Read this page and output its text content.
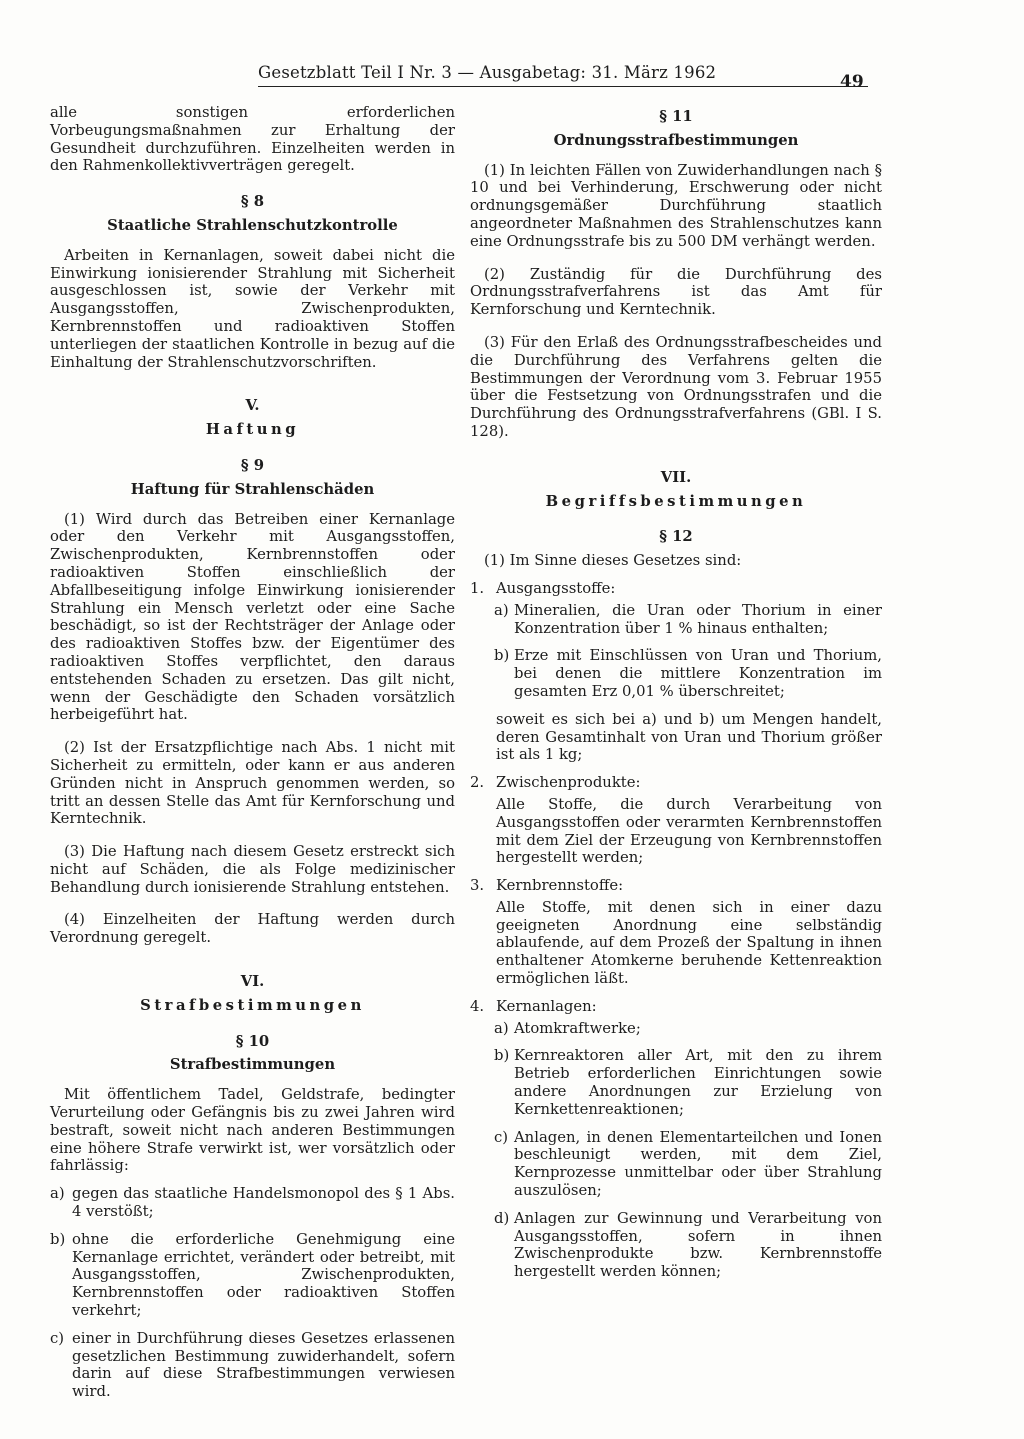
Gesetzblatt Teil I Nr. 3 — Ausgabetag: 31. März 1962	49

alle sonstigen erforderlichen Vorbeugungsmaßnahmen zur Erhaltung der Gesundheit durchzuführen. Einzelheiten werden in den Rahmenkollektivverträgen geregelt.

§ 8
Staatliche Strahlenschutzkontrolle

Arbeiten in Kernanlagen, soweit dabei nicht die Einwirkung ionisierender Strahlung mit Sicherheit ausgeschlossen ist, sowie der Verkehr mit Ausgangsstoffen, Zwischenprodukten, Kernbrennstoffen und radioaktiven Stoffen unterliegen der staatlichen Kontrolle in bezug auf die Einhaltung der Strahlenschutzvorschriften.

V.
Haftung
§ 9
Haftung für Strahlenschäden

(1) Wird durch das Betreiben einer Kernanlage oder den Verkehr mit Ausgangsstoffen, Zwischenprodukten, Kernbrennstoffen oder radioaktiven Stoffen einschließlich der Abfallbeseitigung infolge Einwirkung ionisierender Strahlung ein Mensch verletzt oder eine Sache beschädigt, so ist der Rechtsträger der Anlage oder des radioaktiven Stoffes bzw. der Eigentümer des radioaktiven Stoffes verpflichtet, den daraus entstehenden Schaden zu ersetzen. Das gilt nicht, wenn der Geschädigte den Schaden vorsätzlich herbeigeführt hat.

(2) Ist der Ersatzpflichtige nach Abs. 1 nicht mit Sicherheit zu ermitteln, oder kann er aus anderen Gründen nicht in Anspruch genommen werden, so tritt an dessen Stelle das Amt für Kernforschung und Kerntechnik.

(3) Die Haftung nach diesem Gesetz erstreckt sich nicht auf Schäden, die als Folge medizinischer Behandlung durch ionisierende Strahlung entstehen.

(4) Einzelheiten der Haftung werden durch Verordnung geregelt.

VI.
Strafbestimmungen
§ 10
Strafbestimmungen

Mit öffentlichem Tadel, Geldstrafe, bedingter Verurteilung oder Gefängnis bis zu zwei Jahren wird bestraft, soweit nicht nach anderen Bestimmungen eine höhere Strafe verwirkt ist, wer vorsätzlich oder fahrlässig:

a) gegen das staatliche Handelsmonopol des § 1 Abs. 4 verstößt;
b) ohne die erforderliche Genehmigung eine Kernanlage errichtet, verändert oder betreibt, mit Ausgangsstoffen, Zwischenprodukten, Kernbrennstoffen oder radioaktiven Stoffen verkehrt;
c) einer in Durchführung dieses Gesetzes erlassenen gesetzlichen Bestimmung zuwiderhandelt, sofern darin auf diese Strafbestimmungen verwiesen wird.
§ 11
Ordnungsstrafbestimmungen

(1) In leichten Fällen von Zuwiderhandlungen nach § 10 und bei Verhinderung, Erschwerung oder nicht ordnungsgemäßer Durchführung staatlich angeordneter Maßnahmen des Strahlenschutzes kann eine Ordnungsstrafe bis zu 500 DM verhängt werden.

(2) Zuständig für die Durchführung des Ordnungsstrafverfahrens ist das Amt für Kernforschung und Kerntechnik.

(3) Für den Erlaß des Ordnungsstrafbescheides und die Durchführung des Verfahrens gelten die Bestimmungen der Verordnung vom 3. Februar 1955 über die Festsetzung von Ordnungsstrafen und die Durchführung des Ordnungsstrafverfahrens (GBl. I S. 128).

VII.
Begriffsbestimmungen
§ 12

(1) Im Sinne dieses Gesetzes sind:

1. Ausgangsstoffe:
a) Mineralien, die Uran oder Thorium in einer Konzentration über 1 % hinaus enthalten;
b) Erze mit Einschlüssen von Uran und Thorium, bei denen die mittlere Konzentration im gesamten Erz 0,01 % überschreitet;

soweit es sich bei a) und b) um Mengen handelt, deren Gesamtinhalt von Uran und Thorium größer ist als 1 kg;

2. Zwischenprodukte:

Alle Stoffe, die durch Verarbeitung von Ausgangsstoffen oder verarmten Kernbrennstoffen mit dem Ziel der Erzeugung von Kernbrennstoffen hergestellt werden;

3. Kernbrennstoffe:

Alle Stoffe, mit denen sich in einer dazu geeigneten Anordnung eine selbständig ablaufende, auf dem Prozeß der Spaltung in ihnen enthaltener Atomkerne beruhende Kettenreaktion ermöglichen läßt.

4. Kernanlagen:
a) Atomkraftwerke;
b) Kernreaktoren aller Art, mit den zu ihrem Betrieb erforderlichen Einrichtungen sowie andere Anordnungen zur Erzielung von Kernkettenreaktionen;
c) Anlagen, in denen Elementarteilchen und Ionen beschleunigt werden, mit dem Ziel, Kernprozesse unmittelbar oder über Strahlung auszulösen;
d) Anlagen zur Gewinnung und Verarbeitung von Ausgangsstoffen, sofern in ihnen Zwischenprodukte bzw. Kernbrennstoffe hergestellt werden können;
